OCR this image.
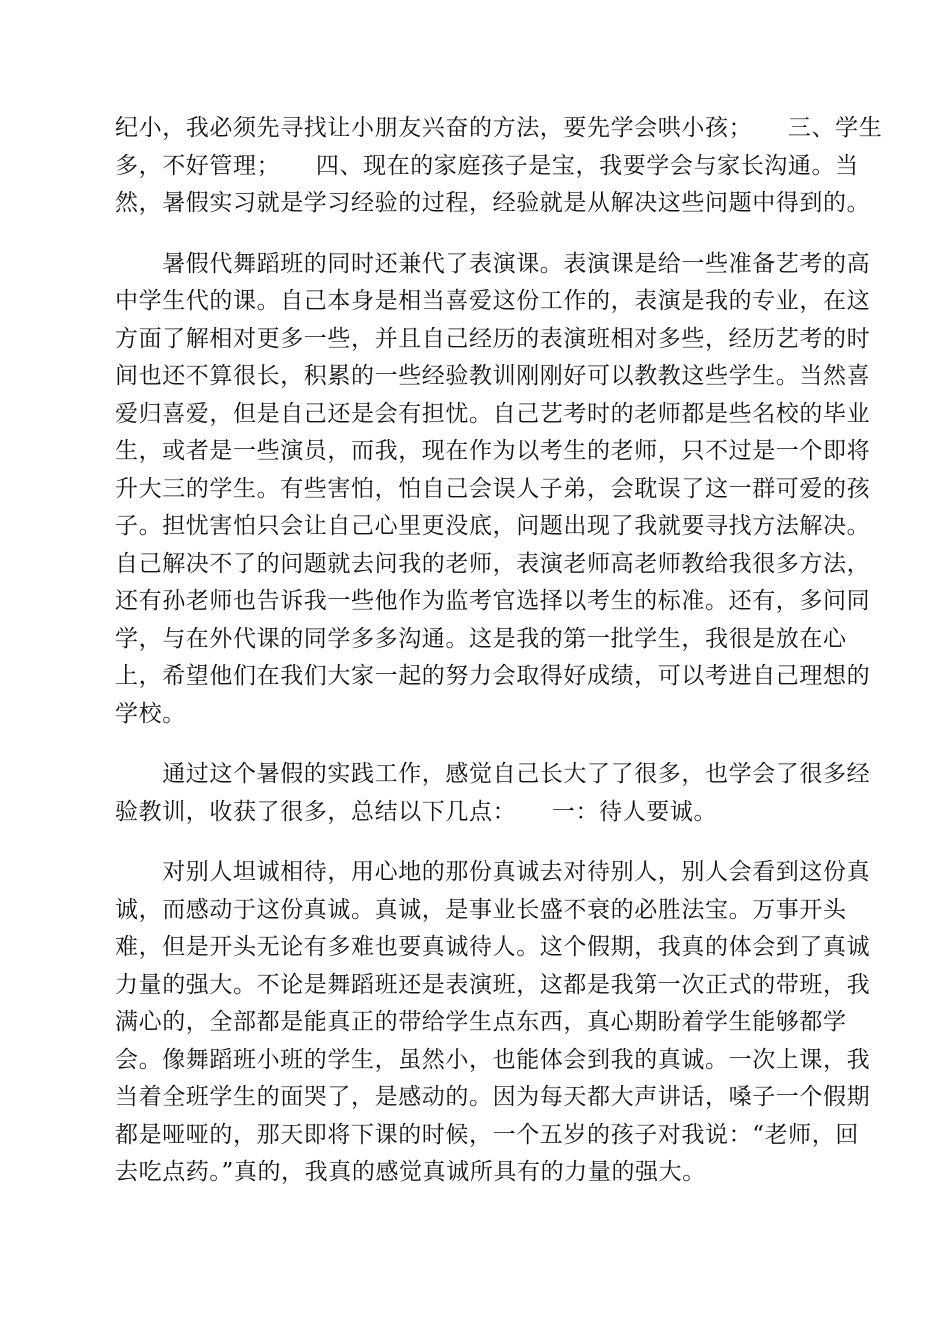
纪小，我必须先寻找让小朋友兴奋的方法，要先学会哄小孩；　　三、学生
多，不好管理；　　四、现在的家庭孩子是宝，我要学会与家长沟通。当
然，暑假实习就是学习经验的过程，经验就是从解决这些问题中得到的。
　　暑假代舞蹈班的同时还兼代了表演课。表演课是给一些准备艺考的高
中学生代的课。自己本身是相当喜爱这份工作的，表演是我的专业，在这
方面了解相对更多一些，并且自己经历的表演班相对多些，经历艺考的时
间也还不算很长，积累的一些经验教训刚刚好可以教教这些学生。当然喜
爱归喜爱，但是自己还是会有担忧。自己艺考时的老师都是些名校的毕业
生，或者是一些演员，而我，现在作为以考生的老师，只不过是一个即将
升大三的学生。有些害怕，怕自己会误人子弟，会耽误了这一群可爱的孩
子。担忧害怕只会让自己心里更没底，问题出现了我就要寻找方法解决。
自己解决不了的问题就去问我的老师，表演老师高老师教给我很多方法，
还有孙老师也告诉我一些他作为监考官选择以考生的标准。还有，多问同
学，与在外代课的同学多多沟通。这是我的第一批学生，我很是放在心
上，希望他们在我们大家一起的努力会取得好成绩，可以考进自己理想的
学校。
　　通过这个暑假的实践工作，感觉自己长大了了很多，也学会了很多经
验教训，收获了很多，总结以下几点：　　一：待人要诚。
　　对别人坦诚相待，用心地的那份真诚去对待别人，别人会看到这份真
诚，而感动于这份真诚。真诚，是事业长盛不衰的必胜法宝。万事开头
难，但是开头无论有多难也要真诚待人。这个假期，我真的体会到了真诚
力量的强大。不论是舞蹈班还是表演班，这都是我第一次正式的带班，我
满心的，全部都是能真正的带给学生点东西，真心期盼着学生能够都学
会。像舞蹈班小班的学生，虽然小，也能体会到我的真诚。一次上课，我
当着全班学生的面哭了，是感动的。因为每天都大声讲话，嗓子一个假期
都是哑哑的，那天即将下课的时候，一个五岁的孩子对我说：“老师，回
去吃点药。”真的，我真的感觉真诚所具有的力量的强大。
